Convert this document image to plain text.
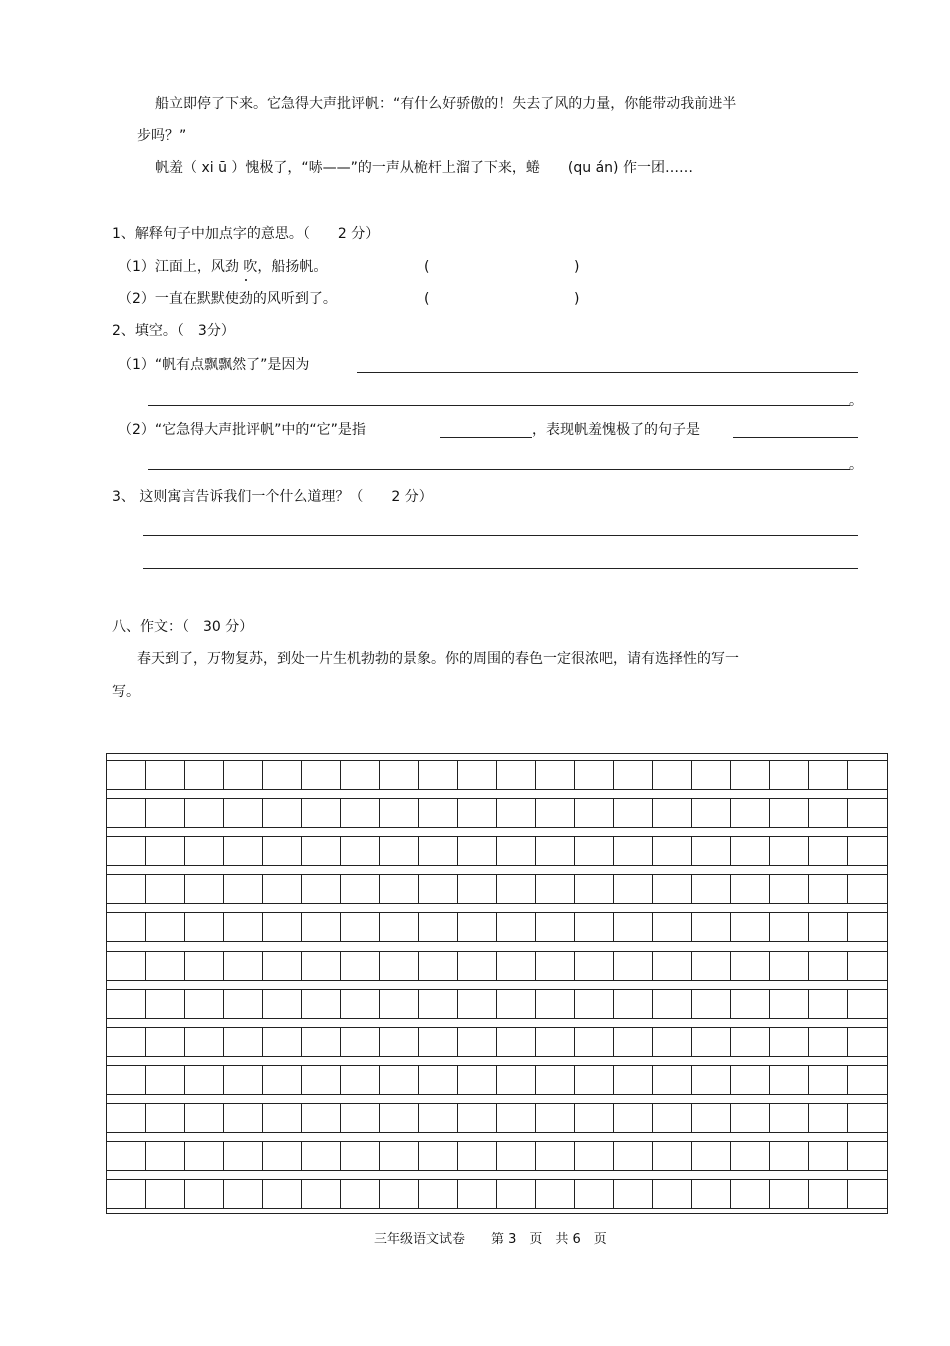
船立即停了下来。它急得大声批评帆：“有什么好骄傲的！失去了风的力量，你能带动我前进半
步吗？”
帆羞（ xi ū ）愧极了，“哧——”的一声从桅杆上溜了下来，蜷　　(qu án) 作一团……
1、解释句子中加点字的意思。（　　2 分）
（1）江面上，风劲 吹，船扬帆。	(	)
（2）一直在默默使劲的风听到了。	(	)
2、填空。（　3分）
（1）“帆有点飘飘然了”是因为
。
（2）“它急得大声批评帆”中的“它”是指	，表现帆羞愧极了的句子是
。
3、 这则寓言告诉我们一个什么道理？（　　2 分）
八、作文：（　30 分）
春天到了，万物复苏，到处一片生机勃勃的景象。你的周围的春色一定很浓吧，请有选择性的写一
写。
三年级语文试卷　　第 3　页　共 6　页
